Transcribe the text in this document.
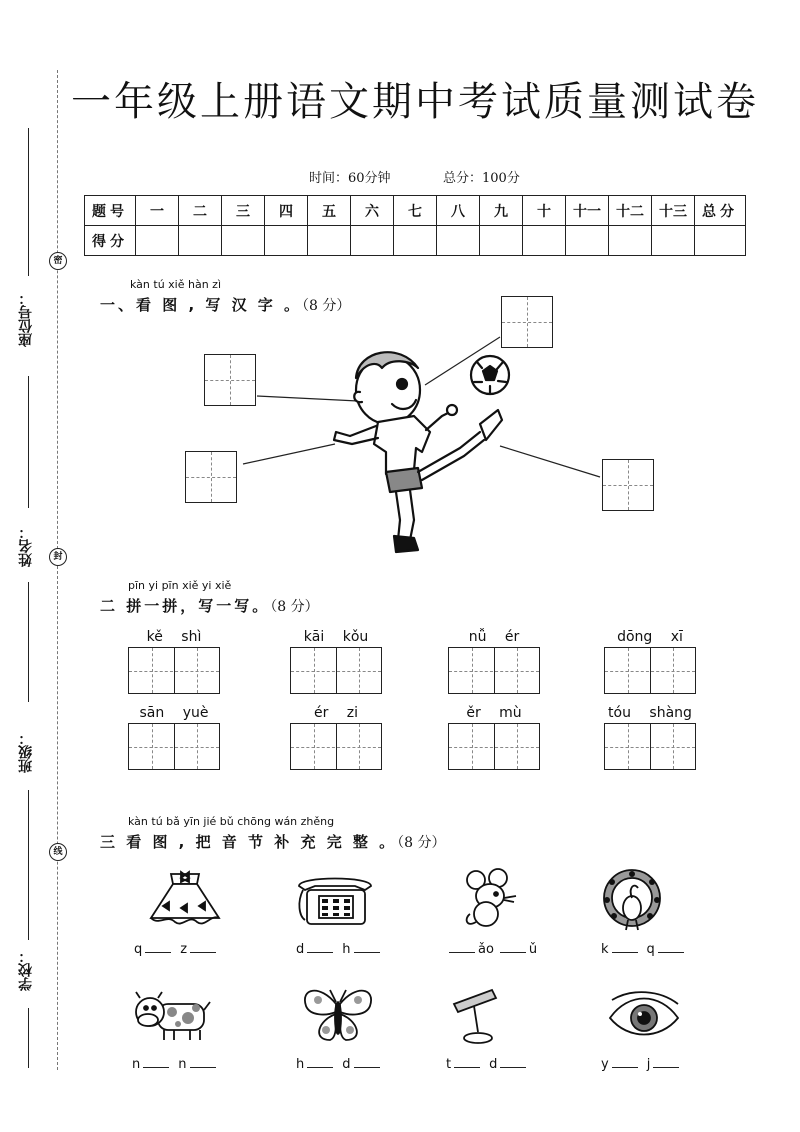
密
封
线
座位号：
姓名：
班级：
学校：
一年级上册语文期中考试质量测试卷
时间：60分钟	总分：100分
题号	一	二	三	四	五	六	七	八	九	十	十一	十二	十三	总分
得分														
kàn tú xiě hàn zì
一、看 图 , 写 汉 字 。（8 分）
pīn yi pīn xiě yi xiě
二 拼一拼，写一写。（8 分）
kě shì	kāi kǒu	nǚ ér	dōng xī
sān yuè	ér zi	ěr mù	tóu shàng
kàn tú bǎ yīn jié bǔ chōng wán zhěng
三 看 图 , 把 音 节 补 充 完 整 。（8 分）
q	z	d	h	ǎo	ǔ	k	q
n	n	h	d	t	d	y	j
